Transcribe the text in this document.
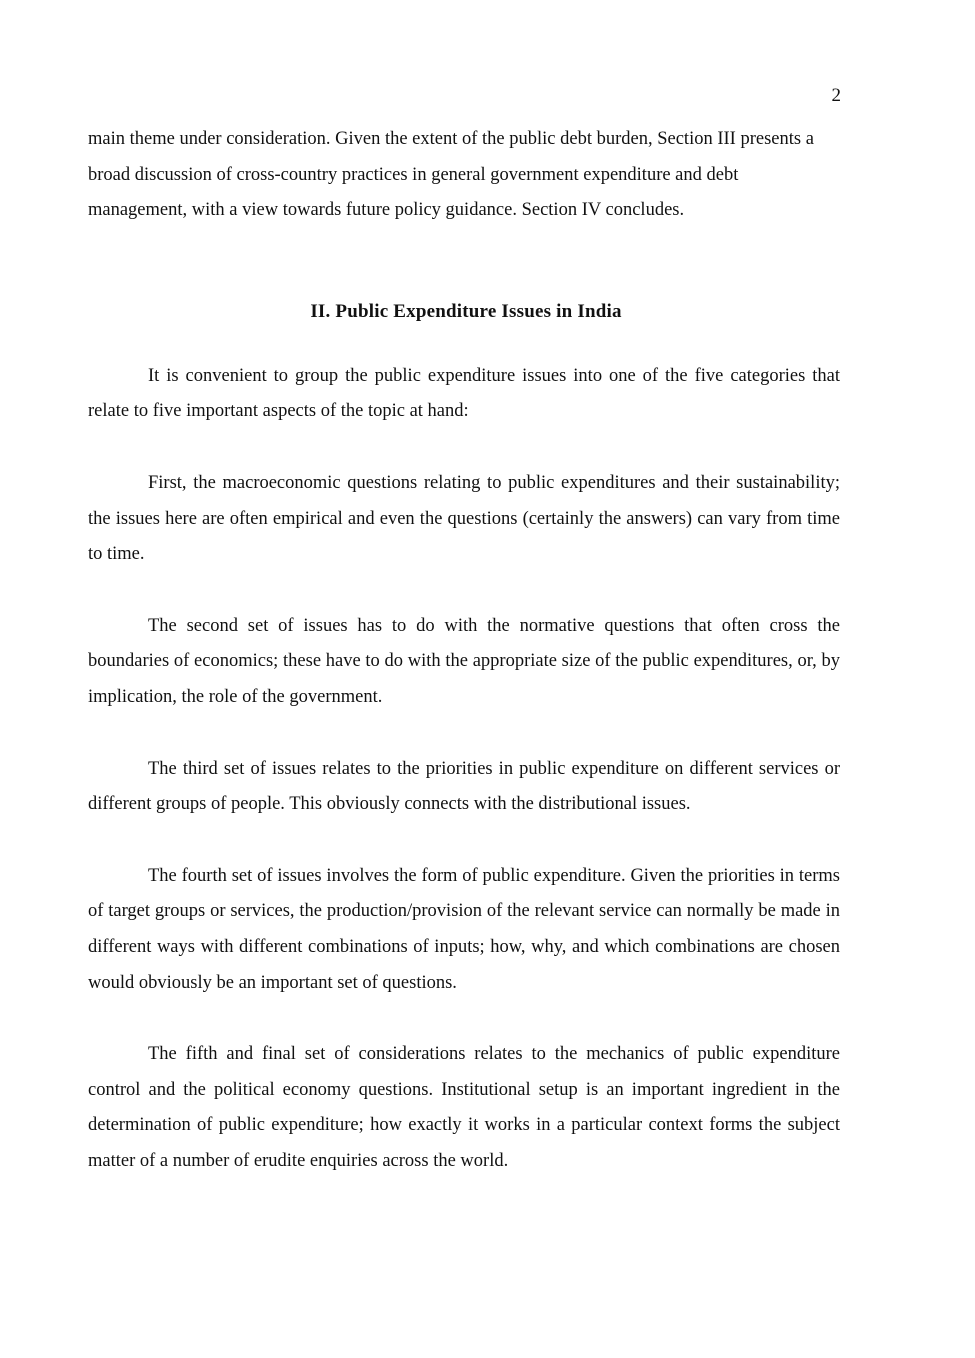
2

main theme under consideration. Given the extent of the public debt burden, Section III presents a broad discussion of cross-country practices in general government expenditure and debt management, with a view towards future policy guidance. Section IV concludes.

II. Public Expenditure Issues in India

It is convenient to group the public expenditure issues into one of the five categories that relate to five important aspects of the topic at hand:

First, the macroeconomic questions relating to public expenditures and their sustainability; the issues here are often empirical and even the questions (certainly the answers) can vary from time to time.

The second set of issues has to do with the normative questions that often cross the boundaries of economics; these have to do with the appropriate size of the public expenditures, or, by implication, the role of the government.

The third set of issues relates to the priorities in public expenditure on different services or different groups of people. This obviously connects with the distributional issues.

The fourth set of issues involves the form of public expenditure. Given the priorities in terms of target groups or services, the production/provision of the relevant service can normally be made in different ways with different combinations of inputs; how, why, and which combinations are chosen would obviously be an important set of questions.

The fifth and final set of considerations relates to the mechanics of public expenditure control and the political economy questions. Institutional setup is an important ingredient in the determination of public expenditure; how exactly it works in a particular context forms the subject matter of a number of erudite enquiries across the world.
